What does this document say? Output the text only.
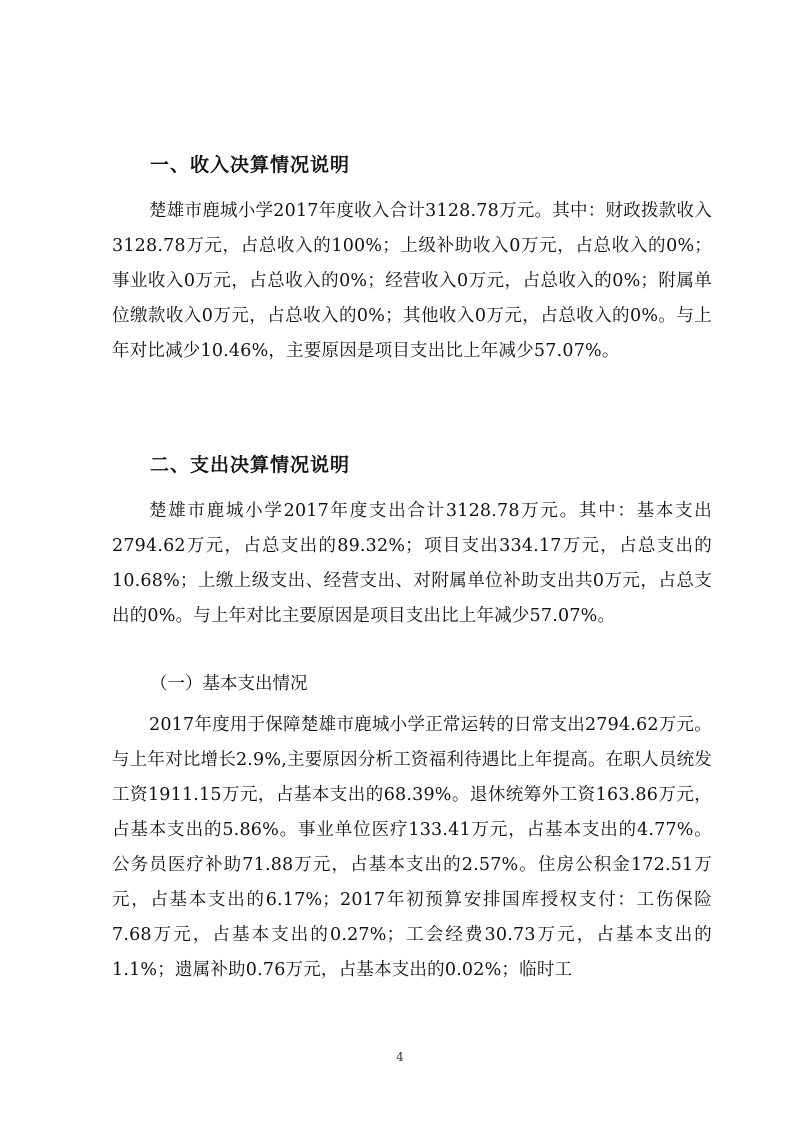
一、收入决算情况说明

楚雄市鹿城小学2017年度收入合计3128.78万元。其中：财政拨款收入3128.78万元，占总收入的100%；上级补助收入0万元，占总收入的0%；事业收入0万元，占总收入的0%；经营收入0万元，占总收入的0%；附属单位缴款收入0万元，占总收入的0%；其他收入0万元，占总收入的0%。与上年对比减少10.46%，主要原因是项目支出比上年减少57.07%。

二、支出决算情况说明

楚雄市鹿城小学2017年度支出合计3128.78万元。其中：基本支出2794.62万元，占总支出的89.32%；项目支出334.17万元，占总支出的10.68%；上缴上级支出、经营支出、对附属单位补助支出共0万元，占总支出的0%。与上年对比主要原因是项目支出比上年减少57.07%。

（一）基本支出情况

2017年度用于保障楚雄市鹿城小学正常运转的日常支出2794.62万元。与上年对比增长2.9%,主要原因分析工资福利待遇比上年提高。在职人员统发工资1911.15万元，占基本支出的68.39%。退休统筹外工资163.86万元，占基本支出的5.86%。事业单位医疗133.41万元，占基本支出的4.77%。公务员医疗补助71.88万元，占基本支出的2.57%。住房公积金172.51万元，占基本支出的6.17%；2017年初预算安排国库授权支付：工伤保险7.68万元，占基本支出的0.27%；工会经费30.73万元，占基本支出的1.1%；遗属补助0.76万元，占基本支出的0.02%；临时工

4
